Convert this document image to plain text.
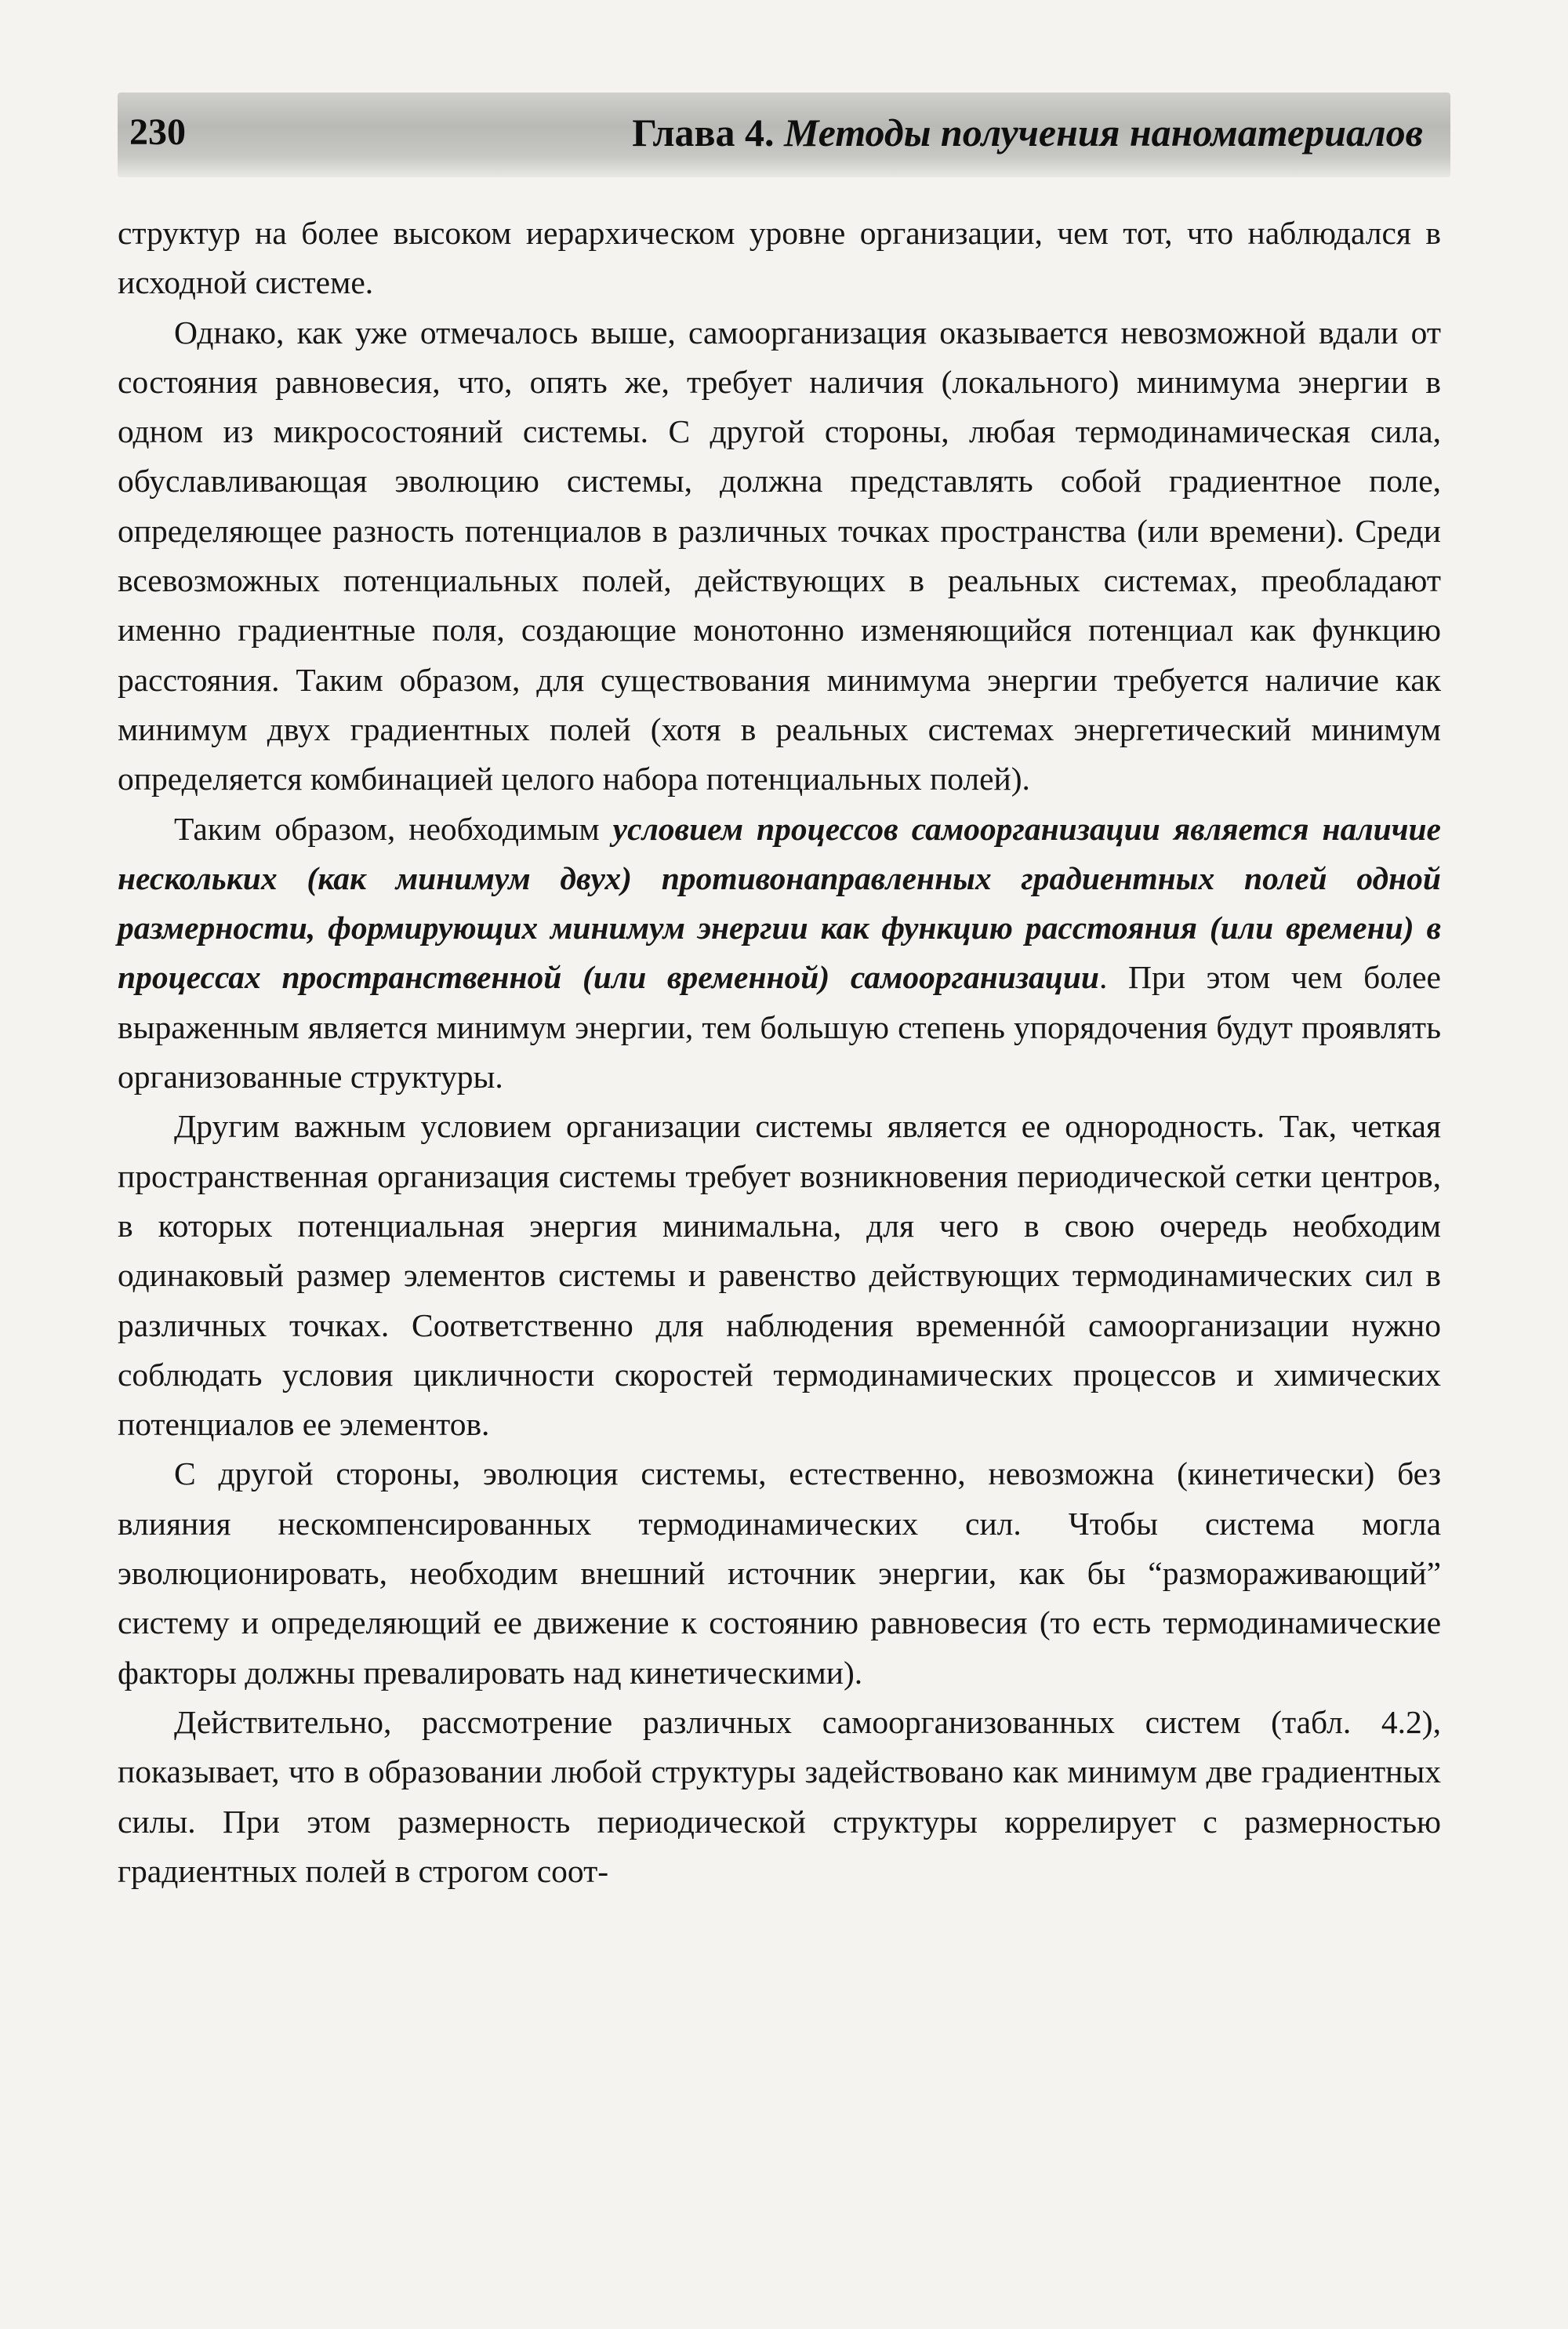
230	Глава 4. Методы получения наноматериалов

структур на более высоком иерархическом уровне организации, чем тот, что наблюдался в исходной системе.

Однако, как уже отмечалось выше, самоорганизация оказывается невозможной вдали от состояния равновесия, что, опять же, требует наличия (локального) минимума энергии в одном из микросостояний системы. С другой стороны, любая термодинамическая сила, обуславливающая эволюцию системы, должна представлять собой градиентное поле, определяющее разность потенциалов в различных точках пространства (или времени). Среди всевозможных потенциальных полей, действующих в реальных системах, преобладают именно градиентные поля, создающие монотонно изменяющийся потенциал как функцию расстояния. Таким образом, для существования минимума энергии требуется наличие как минимум двух градиентных полей (хотя в реальных системах энергетический минимум определяется комбинацией целого набора потенциальных полей).

Таким образом, необходимым условием процессов самоорганизации является наличие нескольких (как минимум двух) противонаправленных градиентных полей одной размерности, формирующих минимум энергии как функцию расстояния (или времени) в процессах пространственной (или временной) самоорганизации. При этом чем более выраженным является минимум энергии, тем большую степень упорядочения будут проявлять организованные структуры.

Другим важным условием организации системы является ее однородность. Так, четкая пространственная организация системы требует возникновения периодической сетки центров, в которых потенциальная энергия минимальна, для чего в свою очередь необходим одинаковый размер элементов системы и равенство действующих термодинамических сил в различных точках. Соответственно для наблюдения временнóй самоорганизации нужно соблюдать условия цикличности скоростей термодинамических процессов и химических потенциалов ее элементов.

С другой стороны, эволюция системы, естественно, невозможна (кинетически) без влияния нескомпенсированных термодинамических сил. Чтобы система могла эволюционировать, необходим внешний источник энергии, как бы “размораживающий” систему и определяющий ее движение к состоянию равновесия (то есть термодинамические факторы должны превалировать над кинетическими).

Действительно, рассмотрение различных самоорганизованных систем (табл. 4.2), показывает, что в образовании любой структуры задействовано как минимум две градиентных силы. При этом размерность периодической структуры коррелирует с размерностью градиентных полей в строгом соот-
